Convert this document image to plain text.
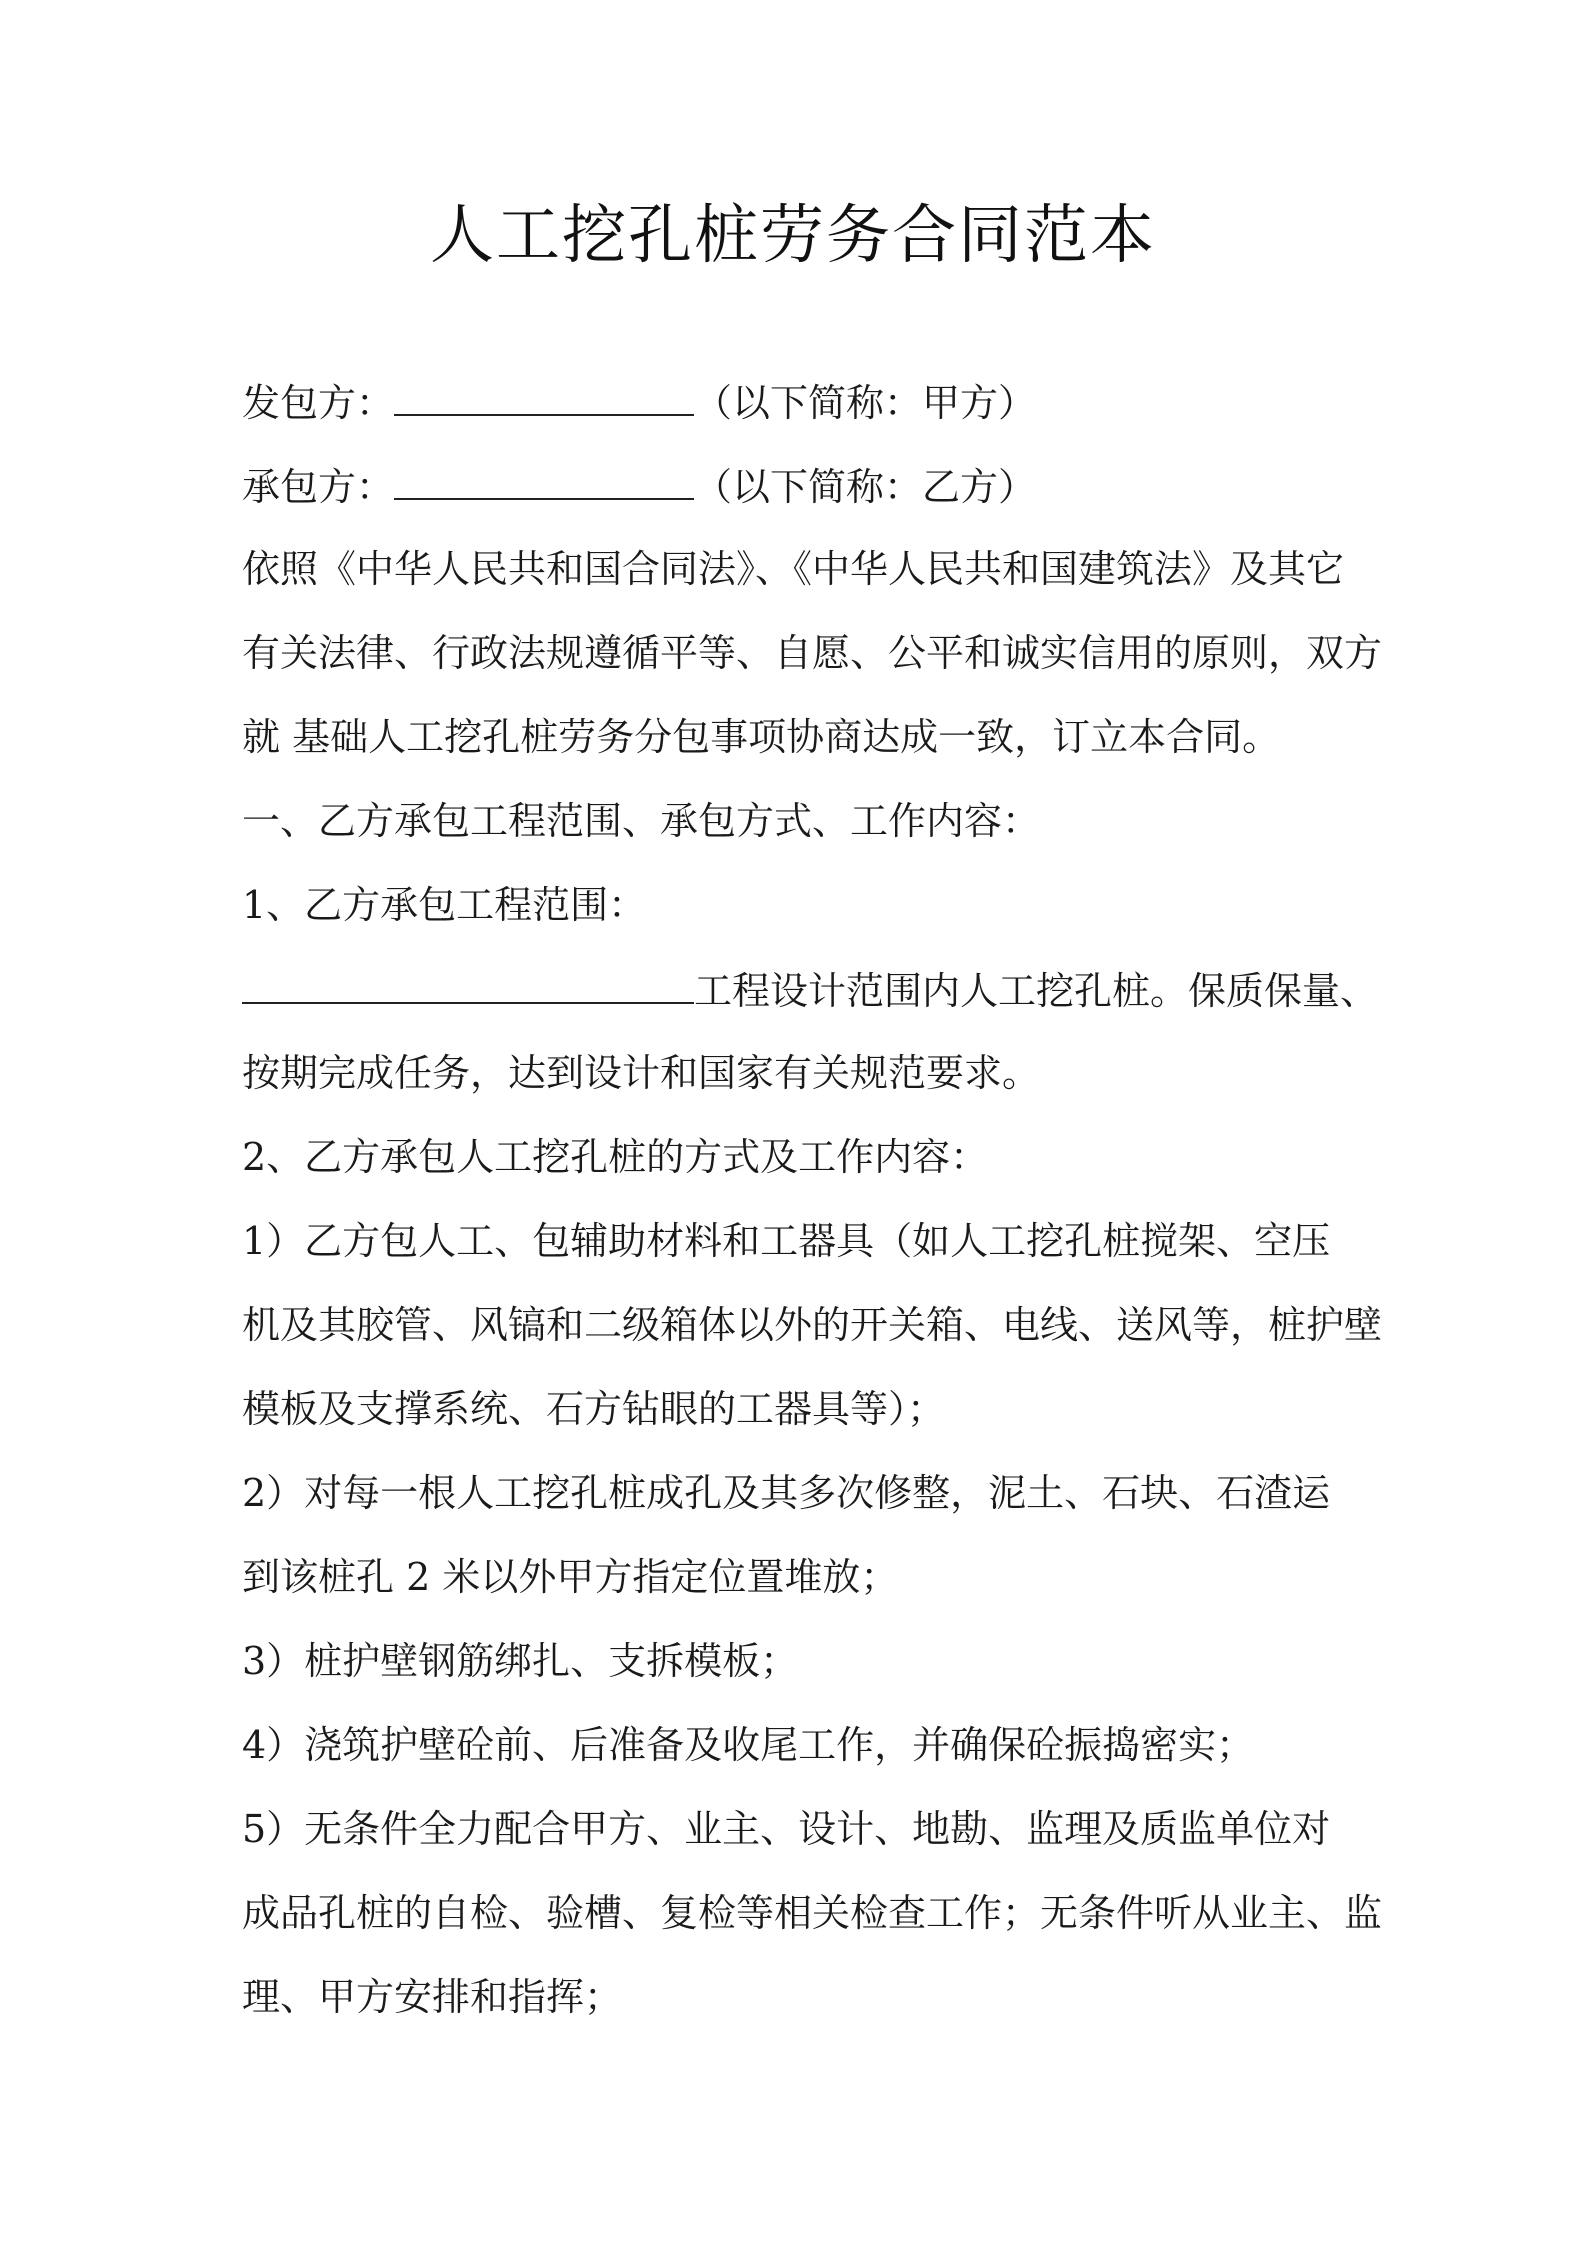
人工挖孔桩劳务合同范本
发包方：	（以下简称：甲方）
承包方：	（以下简称：乙方）
依照《中华人民共和国合同法》、《中华人民共和国建筑法》及其它
有关法律、行政法规遵循平等、自愿、公平和诚实信用的原则，双方
就 基础人工挖孔桩劳务分包事项协商达成一致，订立本合同。
一、乙方承包工程范围、承包方式、工作内容：
1、乙方承包工程范围：
工程设计范围内人工挖孔桩。保质保量、
按期完成任务，达到设计和国家有关规范要求。
2、乙方承包人工挖孔桩的方式及工作内容：
1）乙方包人工、包辅助材料和工器具（如人工挖孔桩搅架、空压
机及其胶管、风镐和二级箱体以外的开关箱、电线、送风等，桩护壁
模板及支撑系统、石方钻眼的工器具等）；
2）对每一根人工挖孔桩成孔及其多次修整，泥土、石块、石渣运
到该桩孔 2 米以外甲方指定位置堆放；
3）桩护壁钢筋绑扎、支拆模板；
4）浇筑护壁砼前、后准备及收尾工作，并确保砼振捣密实；
5）无条件全力配合甲方、业主、设计、地勘、监理及质监单位对
成品孔桩的自检、验槽、复检等相关检查工作；无条件听从业主、监
理、甲方安排和指挥；
